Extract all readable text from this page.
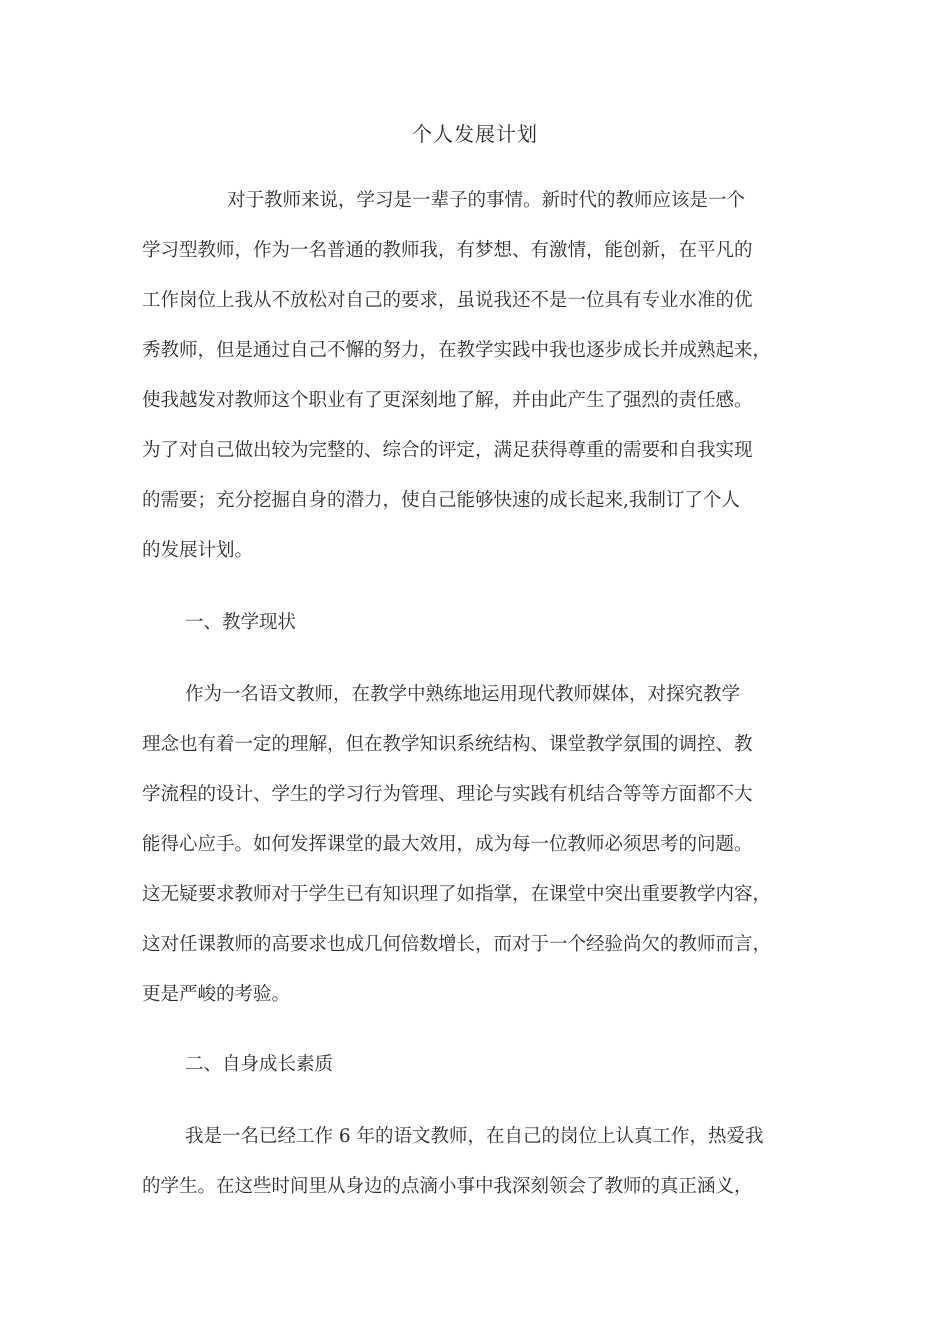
个人发展计划
对于教师来说，学习是一辈子的事情。新时代的教师应该是一个
学习型教师，作为一名普通的教师我，有梦想、有激情，能创新，在平凡的
工作岗位上我从不放松对自己的要求，虽说我还不是一位具有专业水准的优
秀教师，但是通过自己不懈的努力，在教学实践中我也逐步成长并成熟起来，
使我越发对教师这个职业有了更深刻地了解，并由此产生了强烈的责任感。
为了对自己做出较为完整的、综合的评定，满足获得尊重的需要和自我实现
的需要；充分挖掘自身的潜力，使自己能够快速的成长起来,我制订了个人
的发展计划。
一、教学现状
作为一名语文教师，在教学中熟练地运用现代教师媒体，对探究教学
理念也有着一定的理解，但在教学知识系统结构、课堂教学氛围的调控、教
学流程的设计、学生的学习行为管理、理论与实践有机结合等等方面都不大
能得心应手。如何发挥课堂的最大效用，成为每一位教师必须思考的问题。
这无疑要求教师对于学生已有知识理了如指掌，在课堂中突出重要教学内容，
这对任课教师的高要求也成几何倍数增长，而对于一个经验尚欠的教师而言，
更是严峻的考验。
二、自身成长素质
我是一名已经工作 6 年的语文教师，在自己的岗位上认真工作，热爱我
的学生。在这些时间里从身边的点滴小事中我深刻领会了教师的真正涵义，
